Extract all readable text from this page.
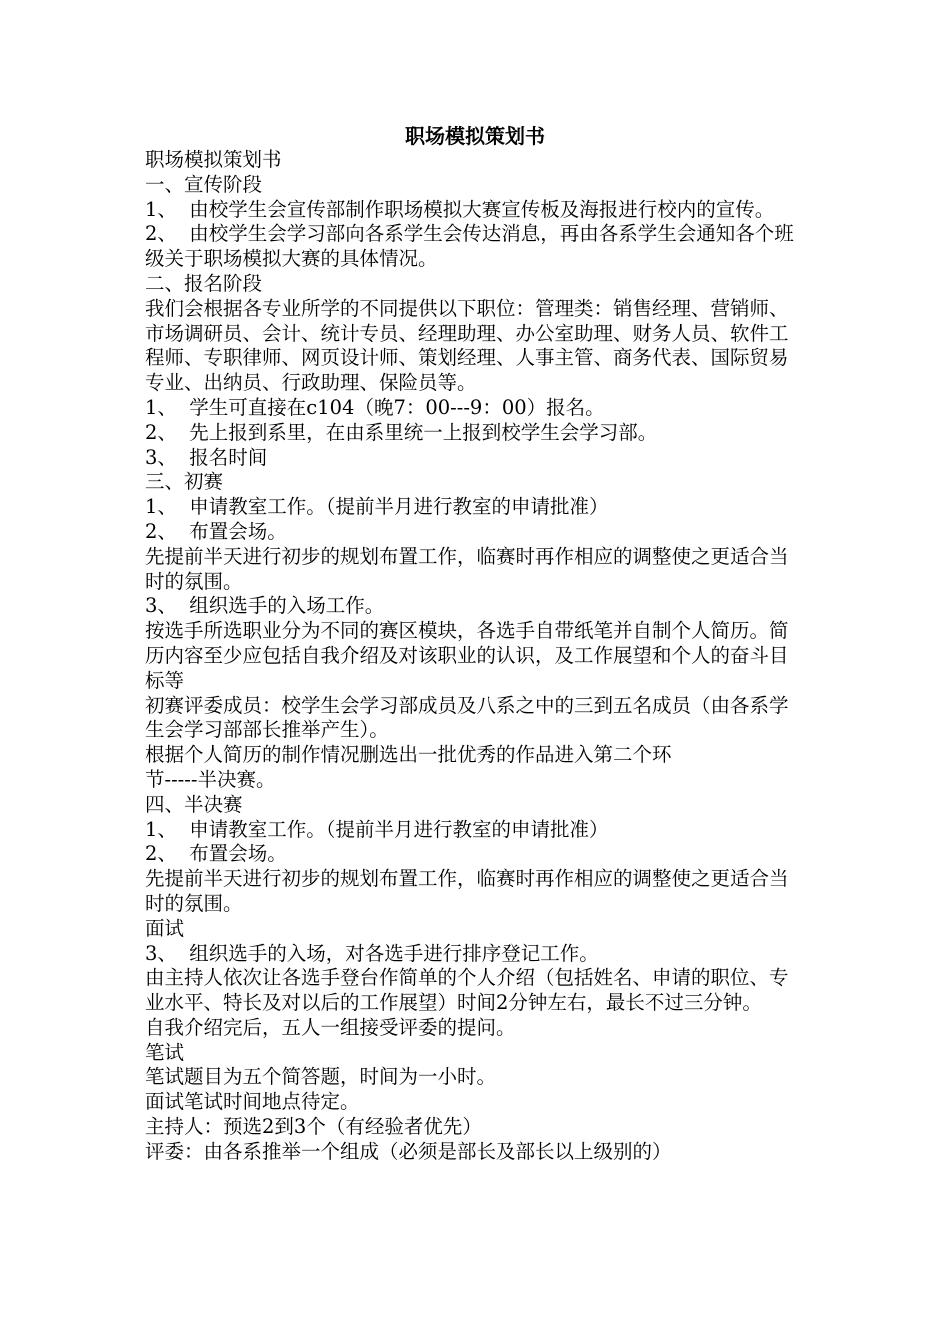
职场模拟策划书

职场模拟策划书

一、宣传阶段

1、  由校学生会宣传部制作职场模拟大赛宣传板及海报进行校内的宣传。

2、  由校学生会学习部向各系学生会传达消息，再由各系学生会通知各个班级关于职场模拟大赛的具体情况。

二、报名阶段

我们会根据各专业所学的不同提供以下职位：管理类：销售经理、营销师、市场调研员、会计、统计专员、经理助理、办公室助理、财务人员、软件工程师、专职律师、网页设计师、策划经理、人事主管、商务代表、国际贸易专业、出纳员、行政助理、保险员等。

1、  学生可直接在c104（晚7：00---9：00）报名。

2、  先上报到系里，在由系里统一上报到校学生会学习部。

3、  报名时间

三、初赛

1、  申请教室工作。（提前半月进行教室的申请批准）

2、  布置会场。

先提前半天进行初步的规划布置工作，临赛时再作相应的调整使之更适合当时的氛围。

3、  组织选手的入场工作。

按选手所选职业分为不同的赛区模块，各选手自带纸笔并自制个人简历。简历内容至少应包括自我介绍及对该职业的认识，及工作展望和个人的奋斗目标等

初赛评委成员：校学生会学习部成员及八系之中的三到五名成员（由各系学生会学习部部长推举产生）。

根据个人简历的制作情况删选出一批优秀的作品进入第二个环
节-----半决赛。

四、半决赛

1、  申请教室工作。（提前半月进行教室的申请批准）

2、  布置会场。

先提前半天进行初步的规划布置工作，临赛时再作相应的调整使之更适合当时的氛围。

面试

3、  组织选手的入场，对各选手进行排序登记工作。

由主持人依次让各选手登台作简单的个人介绍（包括姓名、申请的职位、专业水平、特长及对以后的工作展望）时间2分钟左右，最长不过三分钟。

自我介绍完后，五人一组接受评委的提问。

笔试

笔试题目为五个简答题，时间为一小时。

面试笔试时间地点待定。

主持人：预选2到3个（有经验者优先）

评委：由各系推举一个组成（必须是部长及部长以上级别的）
